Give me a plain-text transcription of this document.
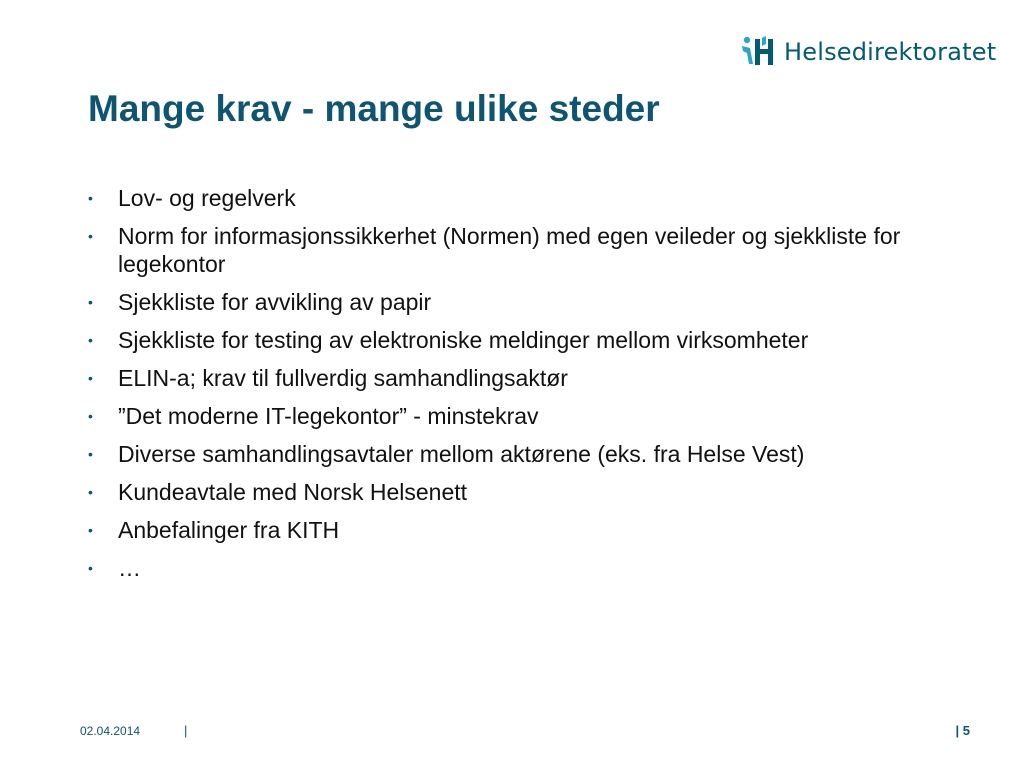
Helsedirektoratet
Mange krav - mange ulike steder
•	Lov- og regelverk
•	Norm for informasjonssikkerhet (Normen) med egen veileder og sjekkliste for legekontor
•	Sjekkliste for avvikling av papir
•	Sjekkliste for testing av elektroniske meldinger mellom virksomheter
•	ELIN-a; krav til fullverdig samhandlingsaktør
•	”Det moderne IT-legekontor” - minstekrav
•	Diverse samhandlingsavtaler mellom aktørene (eks. fra Helse Vest)
•	Kundeavtale med Norsk Helsenett
•	Anbefalinger fra KITH
•	…
02.04.2014	|	| 5
